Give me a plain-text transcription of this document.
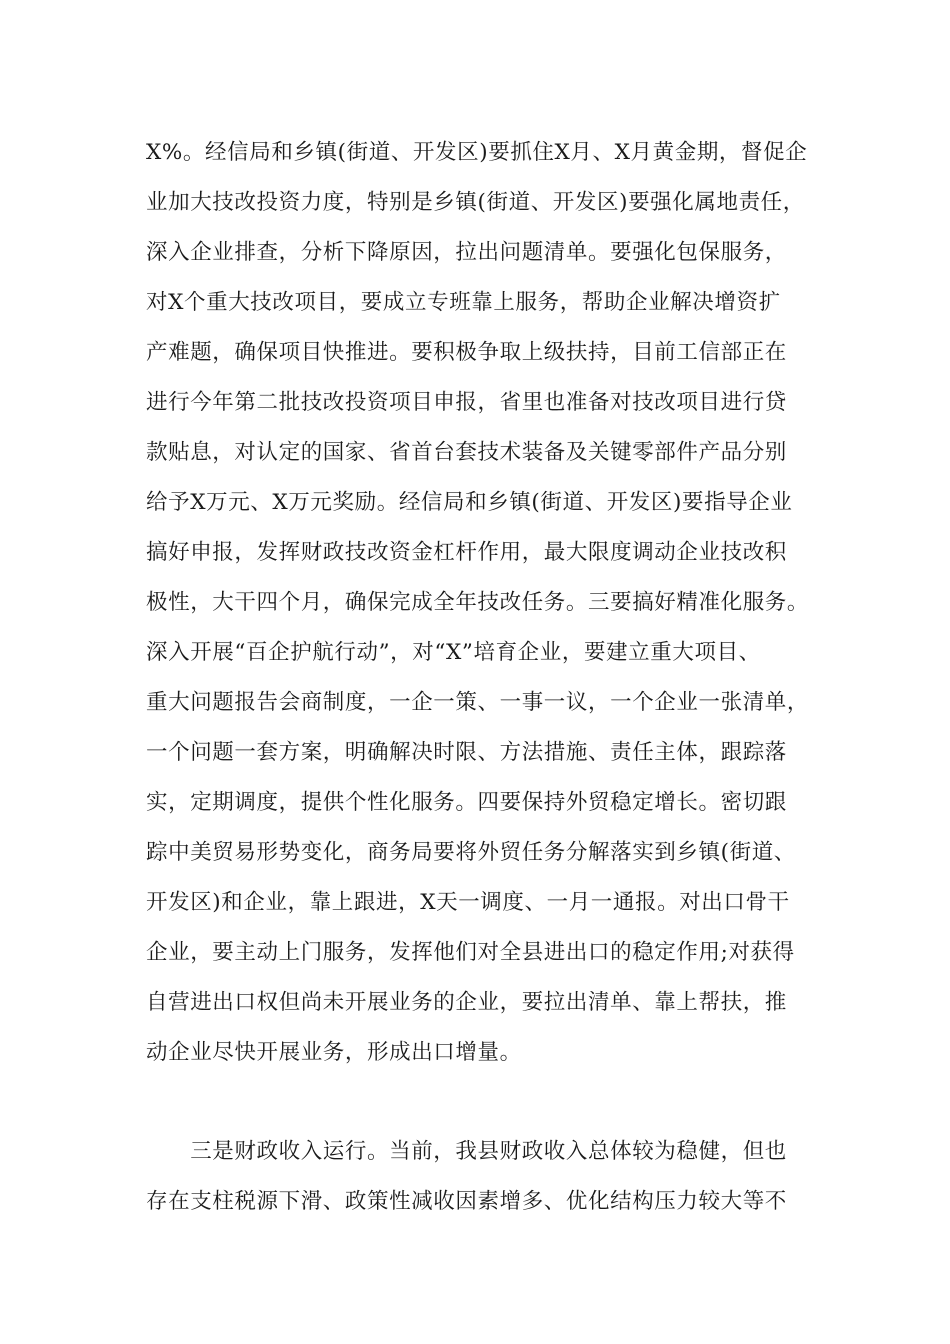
X%。经信局和乡镇(街道、开发区)要抓住X月、X月黄金期，督促企
业加大技改投资力度，特别是乡镇(街道、开发区)要强化属地责任，
深入企业排查，分析下降原因，拉出问题清单。要强化包保服务，
对X个重大技改项目，要成立专班靠上服务，帮助企业解决增资扩
产难题，确保项目快推进。要积极争取上级扶持，目前工信部正在
进行今年第二批技改投资项目申报，省里也准备对技改项目进行贷
款贴息，对认定的国家、省首台套技术装备及关键零部件产品分别
给予X万元、X万元奖励。经信局和乡镇(街道、开发区)要指导企业
搞好申报，发挥财政技改资金杠杆作用，最大限度调动企业技改积
极性，大干四个月，确保完成全年技改任务。三要搞好精准化服务。
深入开展“百企护航行动”，对“X”培育企业，要建立重大项目、
重大问题报告会商制度，一企一策、一事一议，一个企业一张清单，
一个问题一套方案，明确解决时限、方法措施、责任主体，跟踪落
实，定期调度，提供个性化服务。四要保持外贸稳定增长。密切跟
踪中美贸易形势变化，商务局要将外贸任务分解落实到乡镇(街道、
开发区)和企业，靠上跟进，X天一调度、一月一通报。对出口骨干
企业，要主动上门服务，发挥他们对全县进出口的稳定作用;对获得
自营进出口权但尚未开展业务的企业，要拉出清单、靠上帮扶，推
动企业尽快开展业务，形成出口增量。
　　三是财政收入运行。当前，我县财政收入总体较为稳健，但也
存在支柱税源下滑、政策性减收因素增多、优化结构压力较大等不
